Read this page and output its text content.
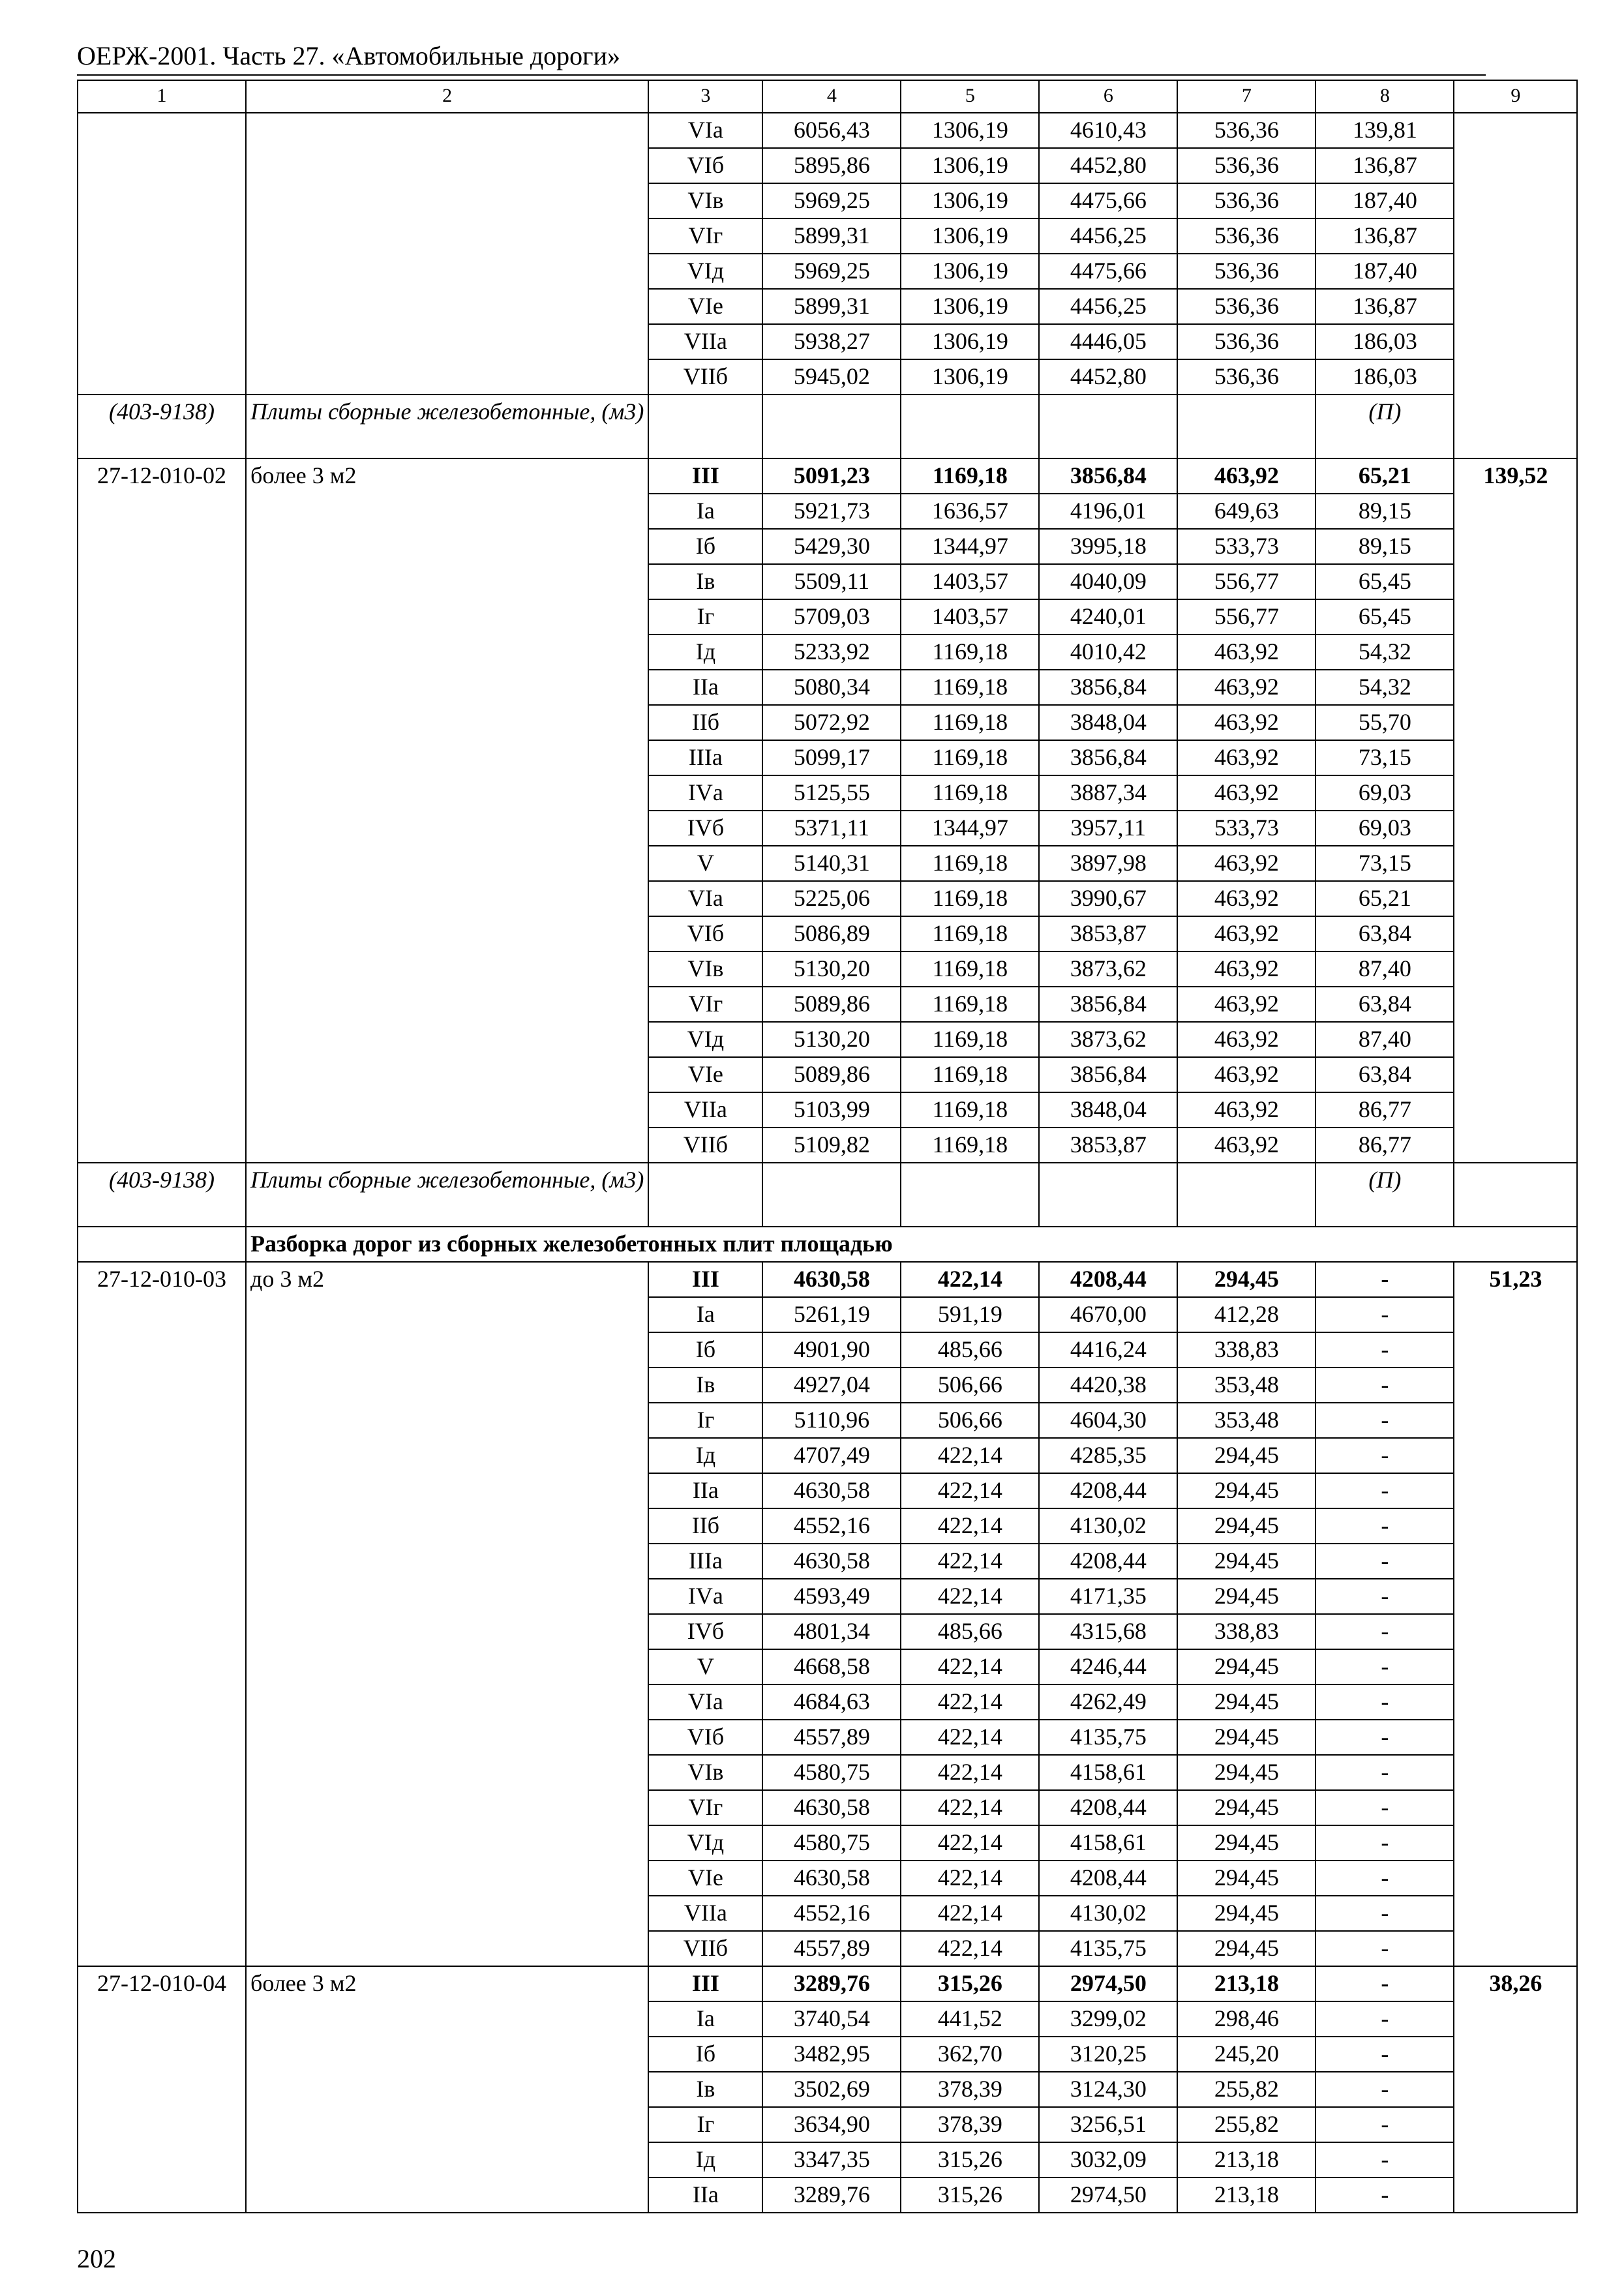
ОЕРЖ-2001. Часть 27. «Автомобильные дороги»
1	2	3	4	5	6	7	8	9
		VIа	6056,43	1306,19	4610,43	536,36	139,81	
		VIб	5895,86	1306,19	4452,80	536,36	136,87	
		VIв	5969,25	1306,19	4475,66	536,36	187,40	
		VIг	5899,31	1306,19	4456,25	536,36	136,87	
		VIд	5969,25	1306,19	4475,66	536,36	187,40	
		VIе	5899,31	1306,19	4456,25	536,36	136,87	
		VIIа	5938,27	1306,19	4446,05	536,36	186,03	
		VIIб	5945,02	1306,19	4452,80	536,36	186,03	
(403-9138)	Плиты сборные железобетонные, (м3)						(П)	
27-12-010-02	более 3 м2	III	5091,23	1169,18	3856,84	463,92	65,21	139,52
		Iа	5921,73	1636,57	4196,01	649,63	89,15	
		Iб	5429,30	1344,97	3995,18	533,73	89,15	
		Iв	5509,11	1403,57	4040,09	556,77	65,45	
		Iг	5709,03	1403,57	4240,01	556,77	65,45	
		Iд	5233,92	1169,18	4010,42	463,92	54,32	
		IIа	5080,34	1169,18	3856,84	463,92	54,32	
		IIб	5072,92	1169,18	3848,04	463,92	55,70	
		IIIа	5099,17	1169,18	3856,84	463,92	73,15	
		IVа	5125,55	1169,18	3887,34	463,92	69,03	
		IVб	5371,11	1344,97	3957,11	533,73	69,03	
		V	5140,31	1169,18	3897,98	463,92	73,15	
		VIа	5225,06	1169,18	3990,67	463,92	65,21	
		VIб	5086,89	1169,18	3853,87	463,92	63,84	
		VIв	5130,20	1169,18	3873,62	463,92	87,40	
		VIг	5089,86	1169,18	3856,84	463,92	63,84	
		VIд	5130,20	1169,18	3873,62	463,92	87,40	
		VIе	5089,86	1169,18	3856,84	463,92	63,84	
		VIIа	5103,99	1169,18	3848,04	463,92	86,77	
		VIIб	5109,82	1169,18	3853,87	463,92	86,77	
(403-9138)	Плиты сборные железобетонные, (м3)						(П)	
	Разборка дорог из сборных железобетонных плит площадью							
27-12-010-03	до 3 м2	III	4630,58	422,14	4208,44	294,45	-	51,23
		Iа	5261,19	591,19	4670,00	412,28	-	
		Iб	4901,90	485,66	4416,24	338,83	-	
		Iв	4927,04	506,66	4420,38	353,48	-	
		Iг	5110,96	506,66	4604,30	353,48	-	
		Iд	4707,49	422,14	4285,35	294,45	-	
		IIа	4630,58	422,14	4208,44	294,45	-	
		IIб	4552,16	422,14	4130,02	294,45	-	
		IIIа	4630,58	422,14	4208,44	294,45	-	
		IVа	4593,49	422,14	4171,35	294,45	-	
		IVб	4801,34	485,66	4315,68	338,83	-	
		V	4668,58	422,14	4246,44	294,45	-	
		VIа	4684,63	422,14	4262,49	294,45	-	
		VIб	4557,89	422,14	4135,75	294,45	-	
		VIв	4580,75	422,14	4158,61	294,45	-	
		VIг	4630,58	422,14	4208,44	294,45	-	
		VIд	4580,75	422,14	4158,61	294,45	-	
		VIе	4630,58	422,14	4208,44	294,45	-	
		VIIа	4552,16	422,14	4130,02	294,45	-	
		VIIб	4557,89	422,14	4135,75	294,45	-	
27-12-010-04	более 3 м2	III	3289,76	315,26	2974,50	213,18	-	38,26
		Iа	3740,54	441,52	3299,02	298,46	-	
		Iб	3482,95	362,70	3120,25	245,20	-	
		Iв	3502,69	378,39	3124,30	255,82	-	
		Iг	3634,90	378,39	3256,51	255,82	-	
		Iд	3347,35	315,26	3032,09	213,18	-	
		IIа	3289,76	315,26	2974,50	213,18	-	
202
